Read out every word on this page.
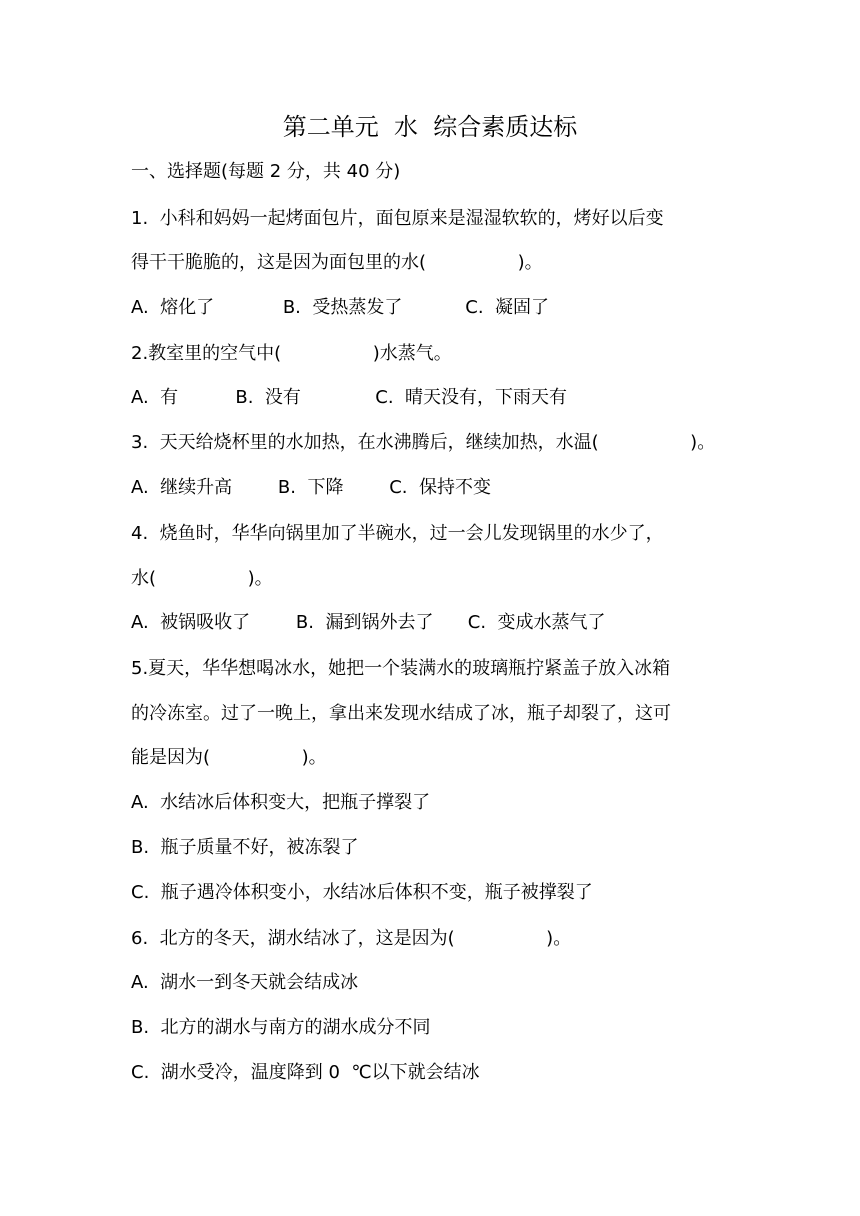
第二单元  水  综合素质达标
一、选择题(每题 2 分，共 40 分)
1.  小科和妈妈一起烤面包片，面包原来是湿湿软软的，烤好以后变
得干干脆脆的，这是因为面包里的水(                )。
A.  熔化了            B.  受热蒸发了           C.  凝固了
2.教室里的空气中(                )水蒸气。
A.  有          B.  没有             C.  晴天没有，下雨天有
3.  天天给烧杯里的水加热，在水沸腾后，继续加热，水温(                )。
A.  继续升高        B.  下降        C.  保持不变
4.  烧鱼时，华华向锅里加了半碗水，过一会儿发现锅里的水少了，
水(                )。
A.  被锅吸收了        B.  漏到锅外去了      C.  变成水蒸气了
5.夏天，华华想喝冰水，她把一个装满水的玻璃瓶拧紧盖子放入冰箱
的冷冻室。过了一晚上，拿出来发现水结成了冰，瓶子却裂了，这可
能是因为(                )。
A.  水结冰后体积变大，把瓶子撑裂了
B.  瓶子质量不好，被冻裂了
C.  瓶子遇冷体积变小，水结冰后体积不变，瓶子被撑裂了
6.  北方的冬天，湖水结冰了，这是因为(                )。
A.  湖水一到冬天就会结成冰
B.  北方的湖水与南方的湖水成分不同
C.  湖水受冷，温度降到 0  ℃以下就会结冰
